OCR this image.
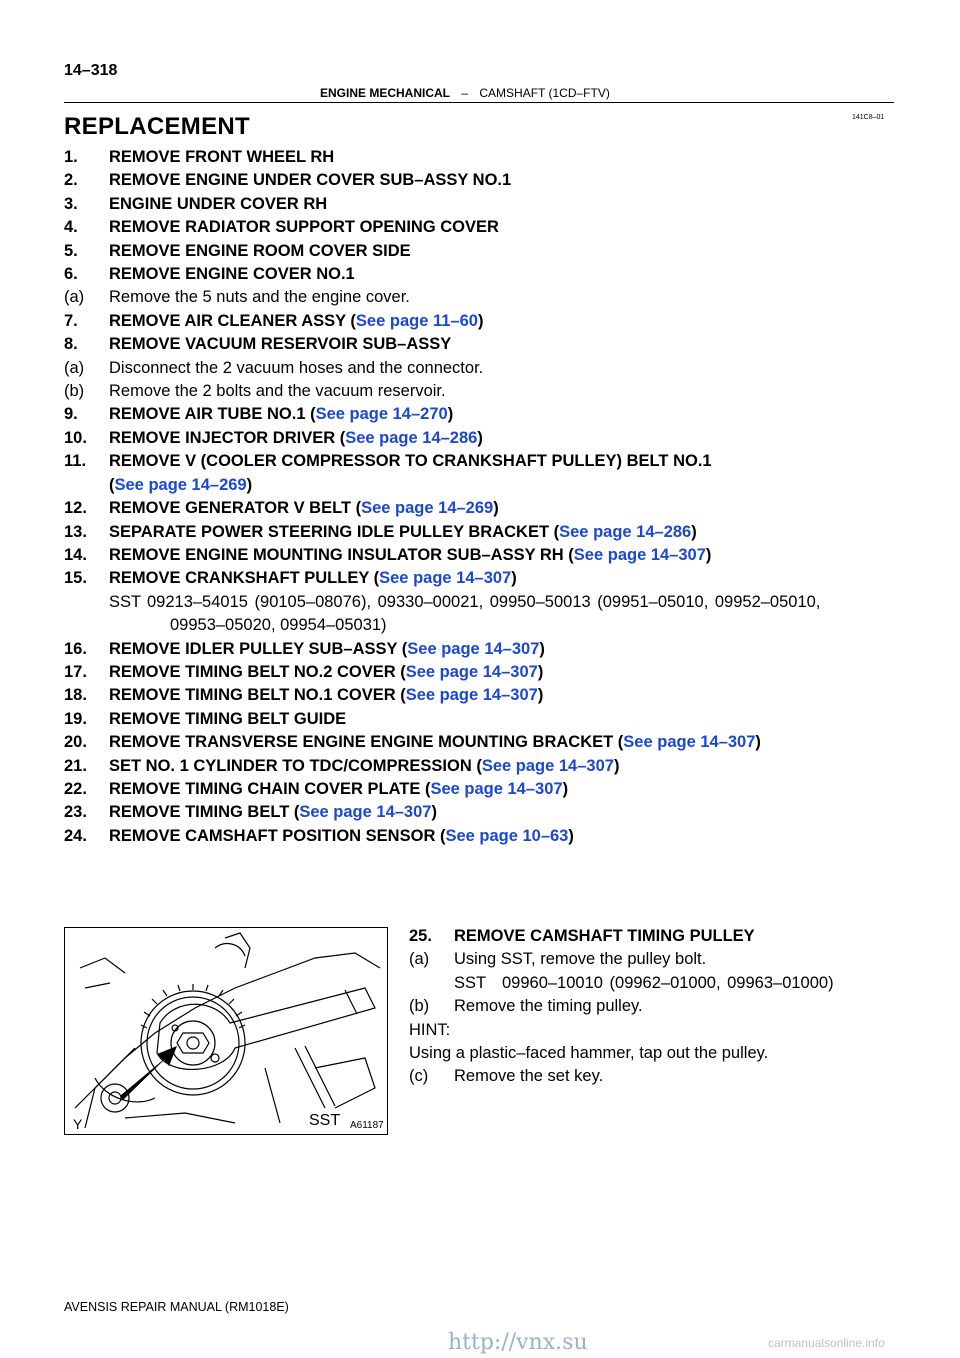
14–318
ENGINE MECHANICAL – CAMSHAFT (1CD–FTV)
141C8–01
REPLACEMENT
1.	REMOVE FRONT WHEEL RH
2.	REMOVE ENGINE UNDER COVER SUB–ASSY NO.1
3.	ENGINE UNDER COVER RH
4.	REMOVE RADIATOR SUPPORT OPENING COVER
5.	REMOVE ENGINE ROOM COVER SIDE
6.	REMOVE ENGINE COVER NO.1
(a)	Remove the 5 nuts and the engine cover.
7.	REMOVE AIR CLEANER ASSY ( See page 11–60 )
8.	REMOVE VACUUM RESERVOIR SUB–ASSY
(a)	Disconnect the 2 vacuum hoses and the connector.
(b)	Remove the 2 bolts and the vacuum reservoir.
9.	REMOVE AIR TUBE NO.1 ( See page 14–270 )
10.	REMOVE INJECTOR DRIVER ( See page 14–286 )
11.	REMOVE V (COOLER COMPRESSOR TO CRANKSHAFT PULLEY) BELT NO.1
( See page 14–269 )
12.	REMOVE GENERATOR V BELT ( See page 14–269 )
13.	SEPARATE POWER STEERING IDLE PULLEY BRACKET ( See page 14–286 )
14.	REMOVE ENGINE MOUNTING INSULATOR SUB–ASSY RH ( See page 14–307 )
15.	REMOVE CRANKSHAFT PULLEY ( See page 14–307 )
SST 09213–54015 (90105–08076), 09330–00021, 09950–50013 (09951–05010, 09952–05010,
09953–05020, 09954–05031)
16.	REMOVE IDLER PULLEY SUB–ASSY ( See page 14–307 )
17.	REMOVE TIMING BELT NO.2 COVER ( See page 14–307 )
18.	REMOVE TIMING BELT NO.1 COVER ( See page 14–307 )
19.	REMOVE TIMING BELT GUIDE
20.	REMOVE TRANSVERSE ENGINE ENGINE MOUNTING BRACKET ( See page 14–307 )
21.	SET NO. 1 CYLINDER TO TDC/COMPRESSION ( See page 14–307 )
22.	REMOVE TIMING CHAIN COVER PLATE ( See page 14–307 )
23.	REMOVE TIMING BELT ( See page 14–307 )
24.	REMOVE CAMSHAFT POSITION SENSOR ( See page 10–63 )
Y	SST A61187
25.	REMOVE CAMSHAFT TIMING PULLEY
(a)	Using SST, remove the pulley bolt.
SST 09960–10010 (09962–01000, 09963–01000)
(b)	Remove the timing pulley.
HINT:
Using a plastic–faced hammer, tap out the pulley.
(c)	Remove the set key.
AVENSIS REPAIR MANUAL (RM1018E)
http://vnx.su	carmanualsonline.info
